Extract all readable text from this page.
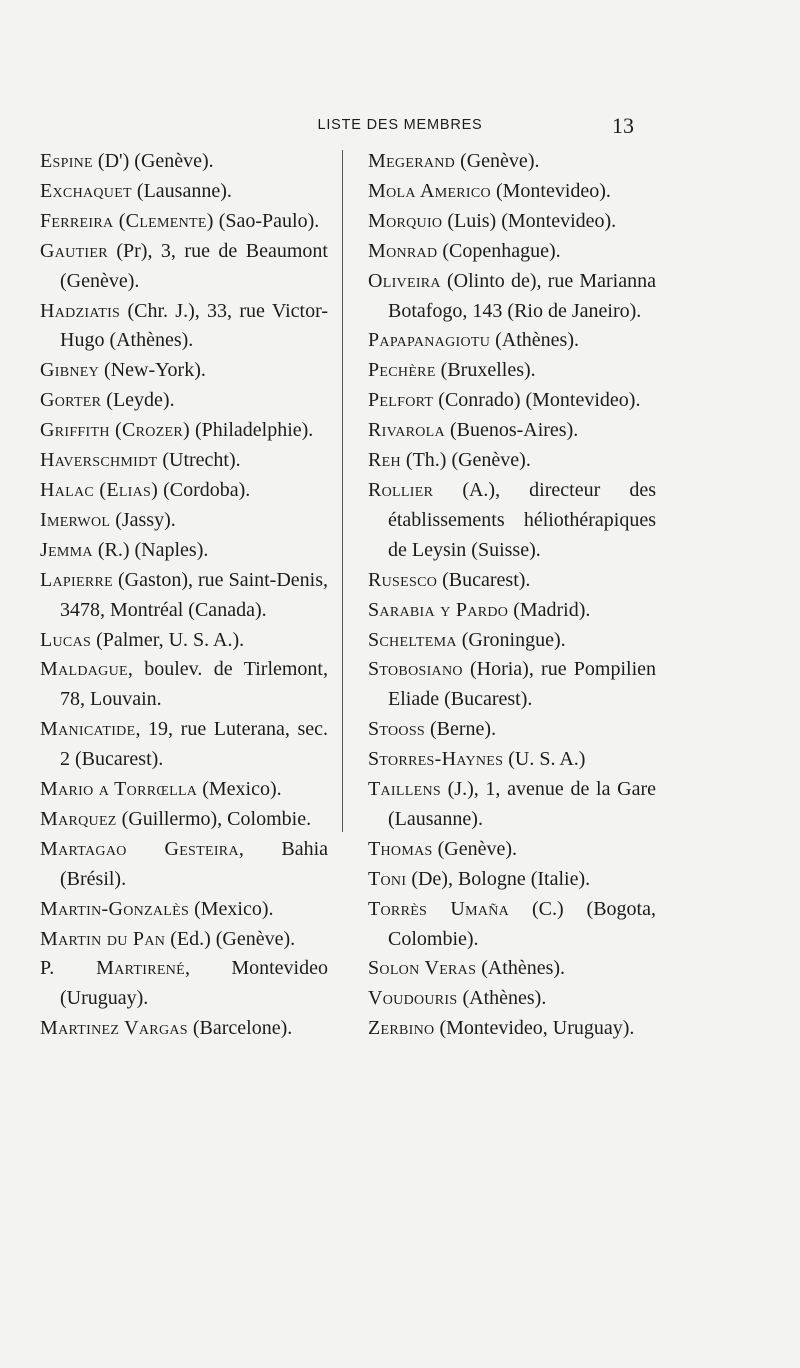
LISTE DES MEMBRES	13
Espine (D') (Genève).
Exchaquet (Lausanne).
Ferreira (Clemente) (Sao-Paulo).
Gautier (Pr), 3, rue de Beaumont (Genève).
Hadziatis (Chr. J.), 33, rue Victor-Hugo (Athènes).
Gibney (New-York).
Gorter (Leyde).
Griffith (Crozer) (Philadelphie).
Haverschmidt (Utrecht).
Halac (Elias) (Cordoba).
Imerwol (Jassy).
Jemma (R.) (Naples).
Lapierre (Gaston), rue Saint-Denis, 3478, Montréal (Canada).
Lucas (Palmer, U. S. A.).
Maldague, boulev. de Tirlemont, 78, Louvain.
Manicatide, 19, rue Luterana, sec. 2 (Bucarest).
Mario a Torrœlla (Mexico).
Marquez (Guillermo), Colombie.
Martagao Gesteira, Bahia (Brésil).
Martin-Gonzalès (Mexico).
Martin du Pan (Ed.) (Genève).
P. Martirené, Montevideo (Uruguay).
Martinez Vargas (Barcelone).
Megerand (Genève).
Mola Americo (Montevideo).
Morquio (Luis) (Montevideo).
Monrad (Copenhague).
Oliveira (Olinto de), rue Marianna Botafogo, 143 (Rio de Janeiro).
Papapanagiotu (Athènes).
Pechère (Bruxelles).
Pelfort (Conrado) (Montevideo).
Rivarola (Buenos-Aires).
Reh (Th.) (Genève).
Rollier (A.), directeur des établissements héliothérapiques de Leysin (Suisse).
Rusesco (Bucarest).
Sarabia y Pardo (Madrid).
Scheltema (Groningue).
Stobosiano (Horia), rue Pompilien Eliade (Bucarest).
Stooss (Berne).
Storres-Haynes (U. S. A.)
Taillens (J.), 1, avenue de la Gare (Lausanne).
Thomas (Genève).
Toni (De), Bologne (Italie).
Torrès Umaña (C.) (Bogota, Colombie).
Solon Veras (Athènes).
Voudouris (Athènes).
Zerbino (Montevideo, Uruguay).
